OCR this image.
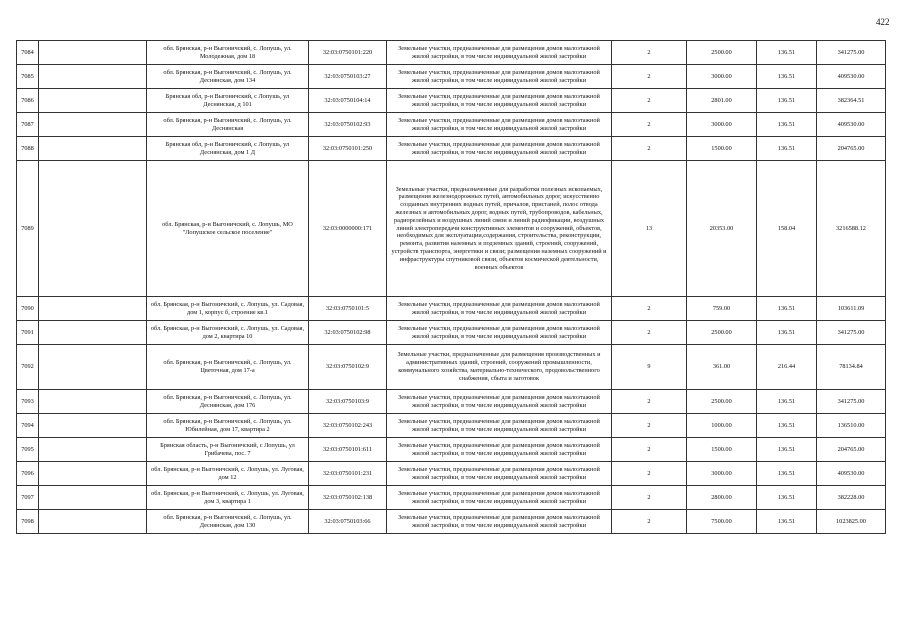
422
7084		обл. Брянская, р-н Выгоничский, с. Лопушь, ул. Молодежная, дом 18	32:03:0750101:220	Земельные участки, предназначенные для размещения домов малоэтажной жилой застройки, в том числе индивидуальной жилой застройки	2	2500.00	136.51	341275.00
7085		обл. Брянская, р-н Выгоничский, с. Лопушь, ул. Деснянская, дом 134	32:03:0750103:27	Земельные участки, предназначенные для размещения домов малоэтажной жилой застройки, в том числе индивидуальной жилой застройки	2	3000.00	136.51	409530.00
7086		Брянская обл, р-н Выгоничский, с Лопушь, ул Деснянская, д 101	32:03:0750104:14	Земельные участки, предназначенные для размещения домов малоэтажной жилой застройки, в том числе индивидуальной жилой застройки	2	2801.00	136.51	382364.51
7087		обл. Брянская, р-н Выгоничский, с. Лопушь, ул. Деснянская	32:03:0750102:93	Земельные участки, предназначенные для размещения домов малоэтажной жилой застройки, в том числе индивидуальной жилой застройки	2	3000.00	136.51	409530.00
7088		Брянская обл, р-н Выгоничский, с Лопушь, ул Деснянская, дом 1 Д	32:03:0750101:250	Земельные участки, предназначенные для размещения домов малоэтажной жилой застройки, в том числе индивидуальной жилой застройки	2	1500.00	136.51	204765.00
7089		обл. Брянская, р-н Выгоничский, с. Лопушь, МО "Лопушское сельское поселение"	32:03:0000000:171	Земельные участки, предназначенные для разработки полезных ископаемых, размещения железнодорожных путей, автомобильных дорог, искусственно созданных внутренних водных путей, причалов, пристаней, полос отвода железных и автомобильных дорог, водных путей, трубопроводов, кабельных, радиорелейных и воздушных линий связи и линий радиофикации, воздушных линий электропередачи конструктивных элементов и сооружений, объектов, необходимых для эксплуатации,содержания, строительства, реконструкции, ремонта, развития наземных и подземных зданий, строений, сооружений, устройств транспорта, энергетики и связи; размещения наземных сооружений и инфраструктуры спутниковой связи, объектов космической деятельности, военных объектов	13	20353.00	158.04	3216588.12
7090		обл. Брянская, р-н Выгоничский, с. Лопушь, ул. Садовая, дом 1, корпус б, строение кв.1	32:03:0750101:5	Земельные участки, предназначенные для размещения домов малоэтажной жилой застройки, в том числе индивидуальной жилой застройки	2	759.00	136.51	103611.09
7091		обл. Брянская, р-н Выгоничский, с. Лопушь, ул. Садовая, дом 2, квартира 10	32:03:0750102:98	Земельные участки, предназначенные для размещения домов малоэтажной жилой застройки, в том числе индивидуальной жилой застройки	2	2500.00	136.51	341275.00
7092		обл. Брянская, р-н Выгоничский, с. Лопушь, ул. Цветочная, дом 17-а	32:03:0750102:9	Земельные участки, предназначенные для размещения производственных и административных зданий, строений, сооружений промышленности, коммунального хозяйства, материально-технического, продовольственного снабжения, сбыта и заготовок	9	361.00	216.44	78134.84
7093		обл. Брянская, р-н Выгоничский, с. Лопушь, ул. Деснянская, дом 176	32:03:0750103:9	Земельные участки, предназначенные для размещения домов малоэтажной жилой застройки, в том числе индивидуальной жилой застройки	2	2500.00	136.51	341275.00
7094		обл. Брянская, р-н Выгоничский, с. Лопушь, ул. Юбилейная, дом 17, квартира 2	32:03:0750102:243	Земельные участки, предназначенные для размещения домов малоэтажной жилой застройки, в том числе индивидуальной жилой застройки	2	1000.00	136.51	136510.00
7095		Брянская область, р-н Выгоничский, с Лопушь, ул Грибачева, пос. 7	32:03:0750101:611	Земельные участки, предназначенные для размещения домов малоэтажной жилой застройки, в том числе индивидуальной жилой застройки	2	1500.00	136.51	204765.00
7096		обл. Брянская, р-н Выгоничский, с. Лопушь, ул. Луговая, дом 12	32:03:0750101:231	Земельные участки, предназначенные для размещения домов малоэтажной жилой застройки, в том числе индивидуальной жилой застройки	2	3000.00	136.51	409530.00
7097		обл. Брянская, р-н Выгоничский, с. Лопушь, ул. Луговая, дом 3, квартира 1	32:03:0750102:138	Земельные участки, предназначенные для размещения домов малоэтажной жилой застройки, в том числе индивидуальной жилой застройки	2	2800.00	136.51	382228.00
7098		обл. Брянская, р-н Выгоничский, с. Лопушь, ул. Деснянская, дом 130	32:03:0750103:66	Земельные участки, предназначенные для размещения домов малоэтажной жилой застройки, в том числе индивидуальной жилой застройки	2	7500.00	136.51	1023825.00
